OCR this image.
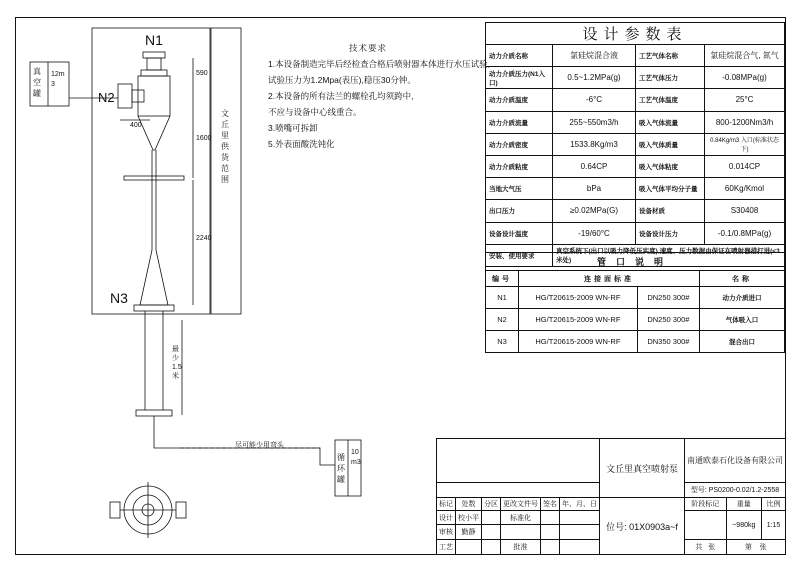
N1
N2
N3
真空罐
12m3
文丘里供货范围
循环罐
10m3
尽可能少用弯头
590
400
1600
2240
最少1.5米
技术要求
1.本设备制造完毕后经检查合格后喷射器本体进行水压试验,
试验压力为1.2Mpa(表压),稳压30分钟。
2.本设备的所有法兰的螺栓孔均须跨中,
不应与设备中心线重合。
3.喷嘴可拆卸
5.外表面酸洗钝化
设计参数表			
动力介质名称	氯硅烷混合液	工艺气体名称	氯硅烷混合气, 氮气
动力介质压力(N1入口)	0.5~1.2MPa(g)	工艺气体压力	-0.08MPa(g)
动力介质温度	-6°C	工艺气体温度	25°C
动力介质流量	255~550m3/h	吸入气体流量	800-1200Nm3/h
动力介质密度	1533.8Kg/m3	吸入气体质量	0.84Kg/m3 入口(标准状态下)
动力介质粘度	0.64CP	吸入气体粘度	0.014CP
当地大气压	bPa	吸入气体平均分子量	60Kg/Kmol
出口压力	≥0.02MPa(G)	设备材质	S30408
设备设计温度	-19/60°C	设备设计压力	-0.1/0.8MPa(g)
安装、使用要求	真空系统下(出口以吸力降低压实度),速度、压力数据由保证在喷射器措打进(<3米处)			管口说明			
编号	连接面标准		名称
N1	HG/T20615-2009 WN-RF	DN250 300#	动力介质进口
N2	HG/T20615-2009 WN-RF	DN250 300#	气体吸入口
N3	HG/T20615-2009 WN-RF	DN350 300#	混合出口
						文丘里真空喷射泵	南通欧泰石化设备有限公司		
							型号: PS0200-0.02/1.2-2558		
标记	处数	分区	更改文件号	签名	年、月、日	位号: 01X0903a~f	阶段标记	重量	比例
设计	校小平		标准化					~980kg	1:15
审核	勤静								
工艺			批准				共 张	第 张	
